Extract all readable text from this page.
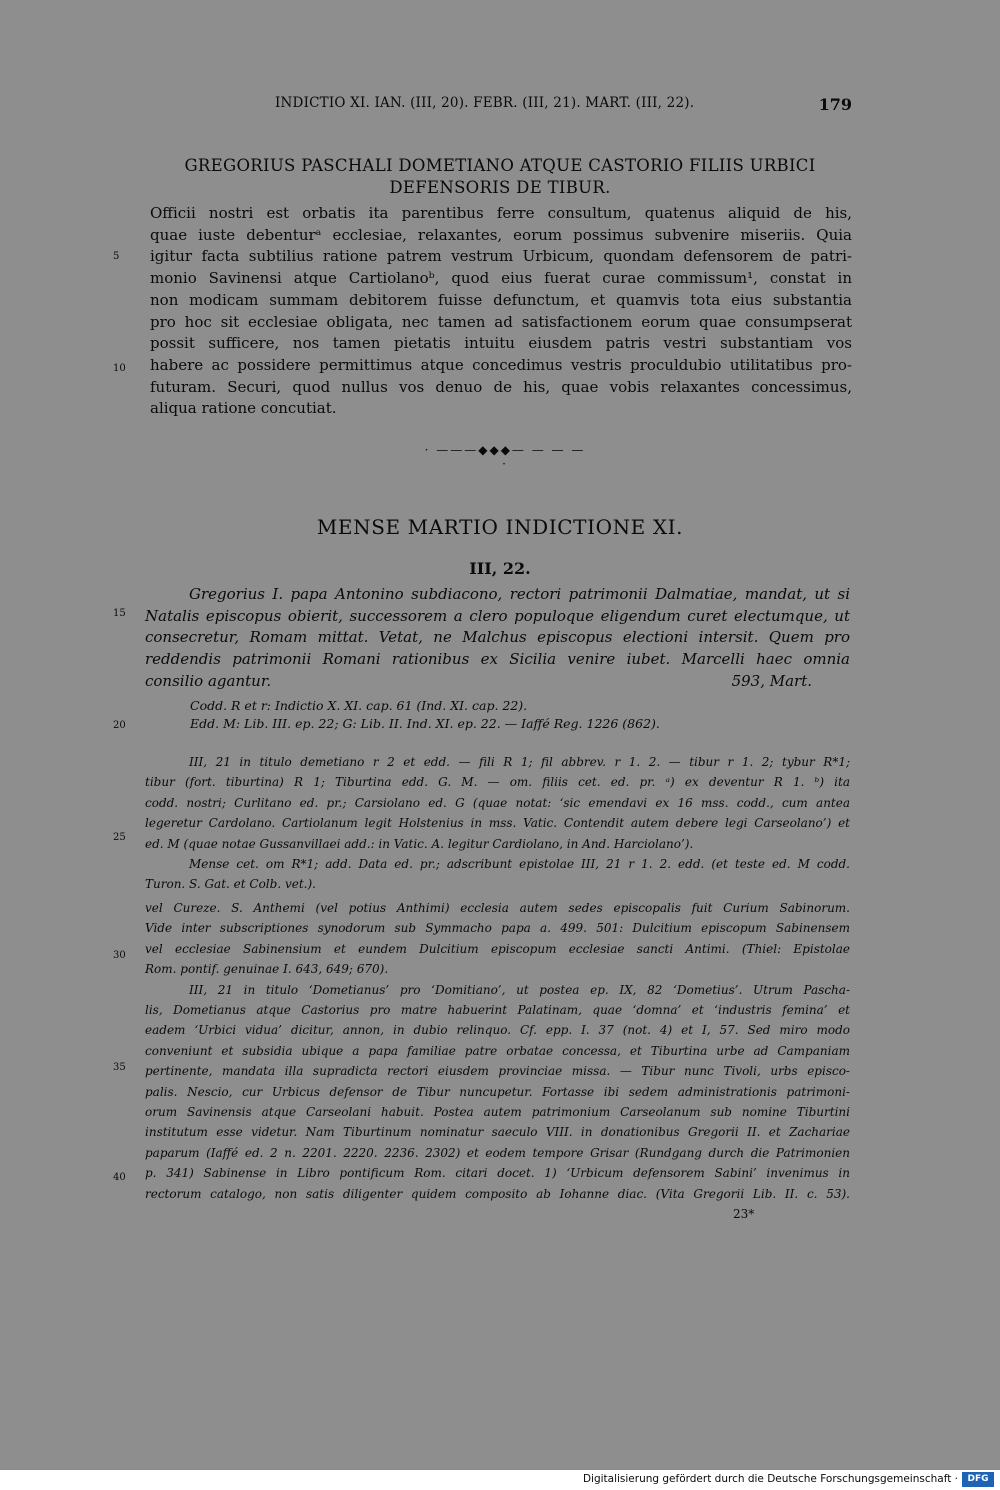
INDICTIO XI. IAN. (III, 20). FEBR. (III, 21). MART. (III, 22).	179
GREGORIUS PASCHALI DOMETIANO ATQUE CASTORIO FILIIS URBICI
DEFENSORIS DE TIBUR.
Officii nostri est orbatis ita parentibus ferre consultum, quatenus aliquid de his,
quae iuste debenturᵃ ecclesiae, relaxantes, eorum possimus subvenire miseriis. Quia
igitur facta subtilius ratione patrem vestrum Urbicum, quondam defensorem de patri-
monio Savinensi atque Cartiolanoᵇ, quod eius fuerat curae commissum¹, constat in
non modicam summam debitorem fuisse defunctum, et quamvis tota eius substantia
pro hoc sit ecclesiae obligata, nec tamen ad satisfactionem eorum quae consumpserat
possit sufficere, nos tamen pietatis intuitu eiusdem patris vestri substantiam vos
habere ac possidere permittimus atque concedimus vestris proculdubio utilitatibus pro-
futuram. Securi, quod nullus vos denuo de his, quae vobis relaxantes concessimus,
aliqua ratione concutiat.
5
10
· ———◆◆◆— — — — ·
MENSE MARTIO INDICTIONE XI.
III, 22.
Gregorius I. papa Antonino subdiacono, rectori patrimonii Dalmatiae, mandat, ut si
Natalis episcopus obierit, successorem a clero populoque eligendum curet electumque, ut
consecretur, Romam mittat. Vetat, ne Malchus episcopus electioni intersit. Quem pro
reddendis patrimonii Romani rationibus ex Sicilia venire iubet. Marcelli haec omnia
consilio agantur.	593, Mart.
15
20
Codd. R et r: Indictio X. XI. cap. 61 (Ind. XI. cap. 22).
Edd. M: Lib. III. ep. 22; G: Lib. II. Ind. XI. ep. 22. — Iaffé Reg. 1226 (862).
III, 21 in titulo demetiano r 2 et edd. — fili R 1; fil abbrev. r 1. 2. — tibur r 1. 2; tybur R*1;
tibur (fort. tiburtina) R 1; Tiburtina edd. G. M. — om. filiis cet. ed. pr. ᵃ) ex deventur R 1. ᵇ) ita
codd. nostri; Curlitano ed. pr.; Carsiolano ed. G (quae notat: ‘sic emendavi ex 16 mss. codd., cum antea
legeretur Cardolano. Cartiolanum legit Holstenius in mss. Vatic. Contendit autem debere legi Carseolano’) et
ed. M (quae notae Gussanvillaei add.: in Vatic. A. legitur Cardiolano, in And. Harciolano’).
Mense cet. om R*1; add. Data ed. pr.; adscribunt epistolae III, 21 r 1. 2. edd. (et teste ed. M codd.
Turon. S. Gat. et Colb. vet.).
25
vel Cureze. S. Anthemi (vel potius Anthimi) ecclesia autem sedes episcopalis fuit Curium Sabinorum.
Vide inter subscriptiones synodorum sub Symmacho papa a. 499. 501: Dulcitium episcopum Sabinensem
vel ecclesiae Sabinensium et eundem Dulcitium episcopum ecclesiae sancti Antimi. (Thiel: Epistolae
Rom. pontif. genuinae I. 643, 649; 670).
III, 21 in titulo ‘Dometianus’ pro ‘Domitiano’, ut postea ep. IX, 82 ‘Dometius’. Utrum Pascha-
lis, Dometianus atque Castorius pro matre habuerint Palatinam, quae ‘domna’ et ‘industris femina’ et
eadem ‘Urbici vidua’ dicitur, annon, in dubio relinquo. Cf. epp. I. 37 (not. 4) et I, 57. Sed miro modo
conveniunt et subsidia ubique a papa familiae patre orbatae concessa, et Tiburtina urbe ad Campaniam
pertinente, mandata illa supradicta rectori eiusdem provinciae missa. — Tibur nunc Tivoli, urbs episco-
palis. Nescio, cur Urbicus defensor de Tibur nuncupetur. Fortasse ibi sedem administrationis patrimoni-
orum Savinensis atque Carseolani habuit. Postea autem patrimonium Carseolanum sub nomine Tiburtini
institutum esse videtur. Nam Tiburtinum nominatur saeculo VIII. in donationibus Gregorii II. et Zachariae
paparum (Iaffé ed. 2 n. 2201. 2220. 2236. 2302) et eodem tempore Grisar (Rundgang durch die Patrimonien
p. 341) Sabinense in Libro pontificum Rom. citari docet. 1) ‘Urbicum defensorem Sabini’ invenimus in
rectorum catalogo, non satis diligenter quidem composito ab Iohanne diac. (Vita Gregorii Lib. II. c. 53).
23*
30
35
40
Digitalisierung gefördert durch die Deutsche Forschungsgemeinschaft ·	DFG
